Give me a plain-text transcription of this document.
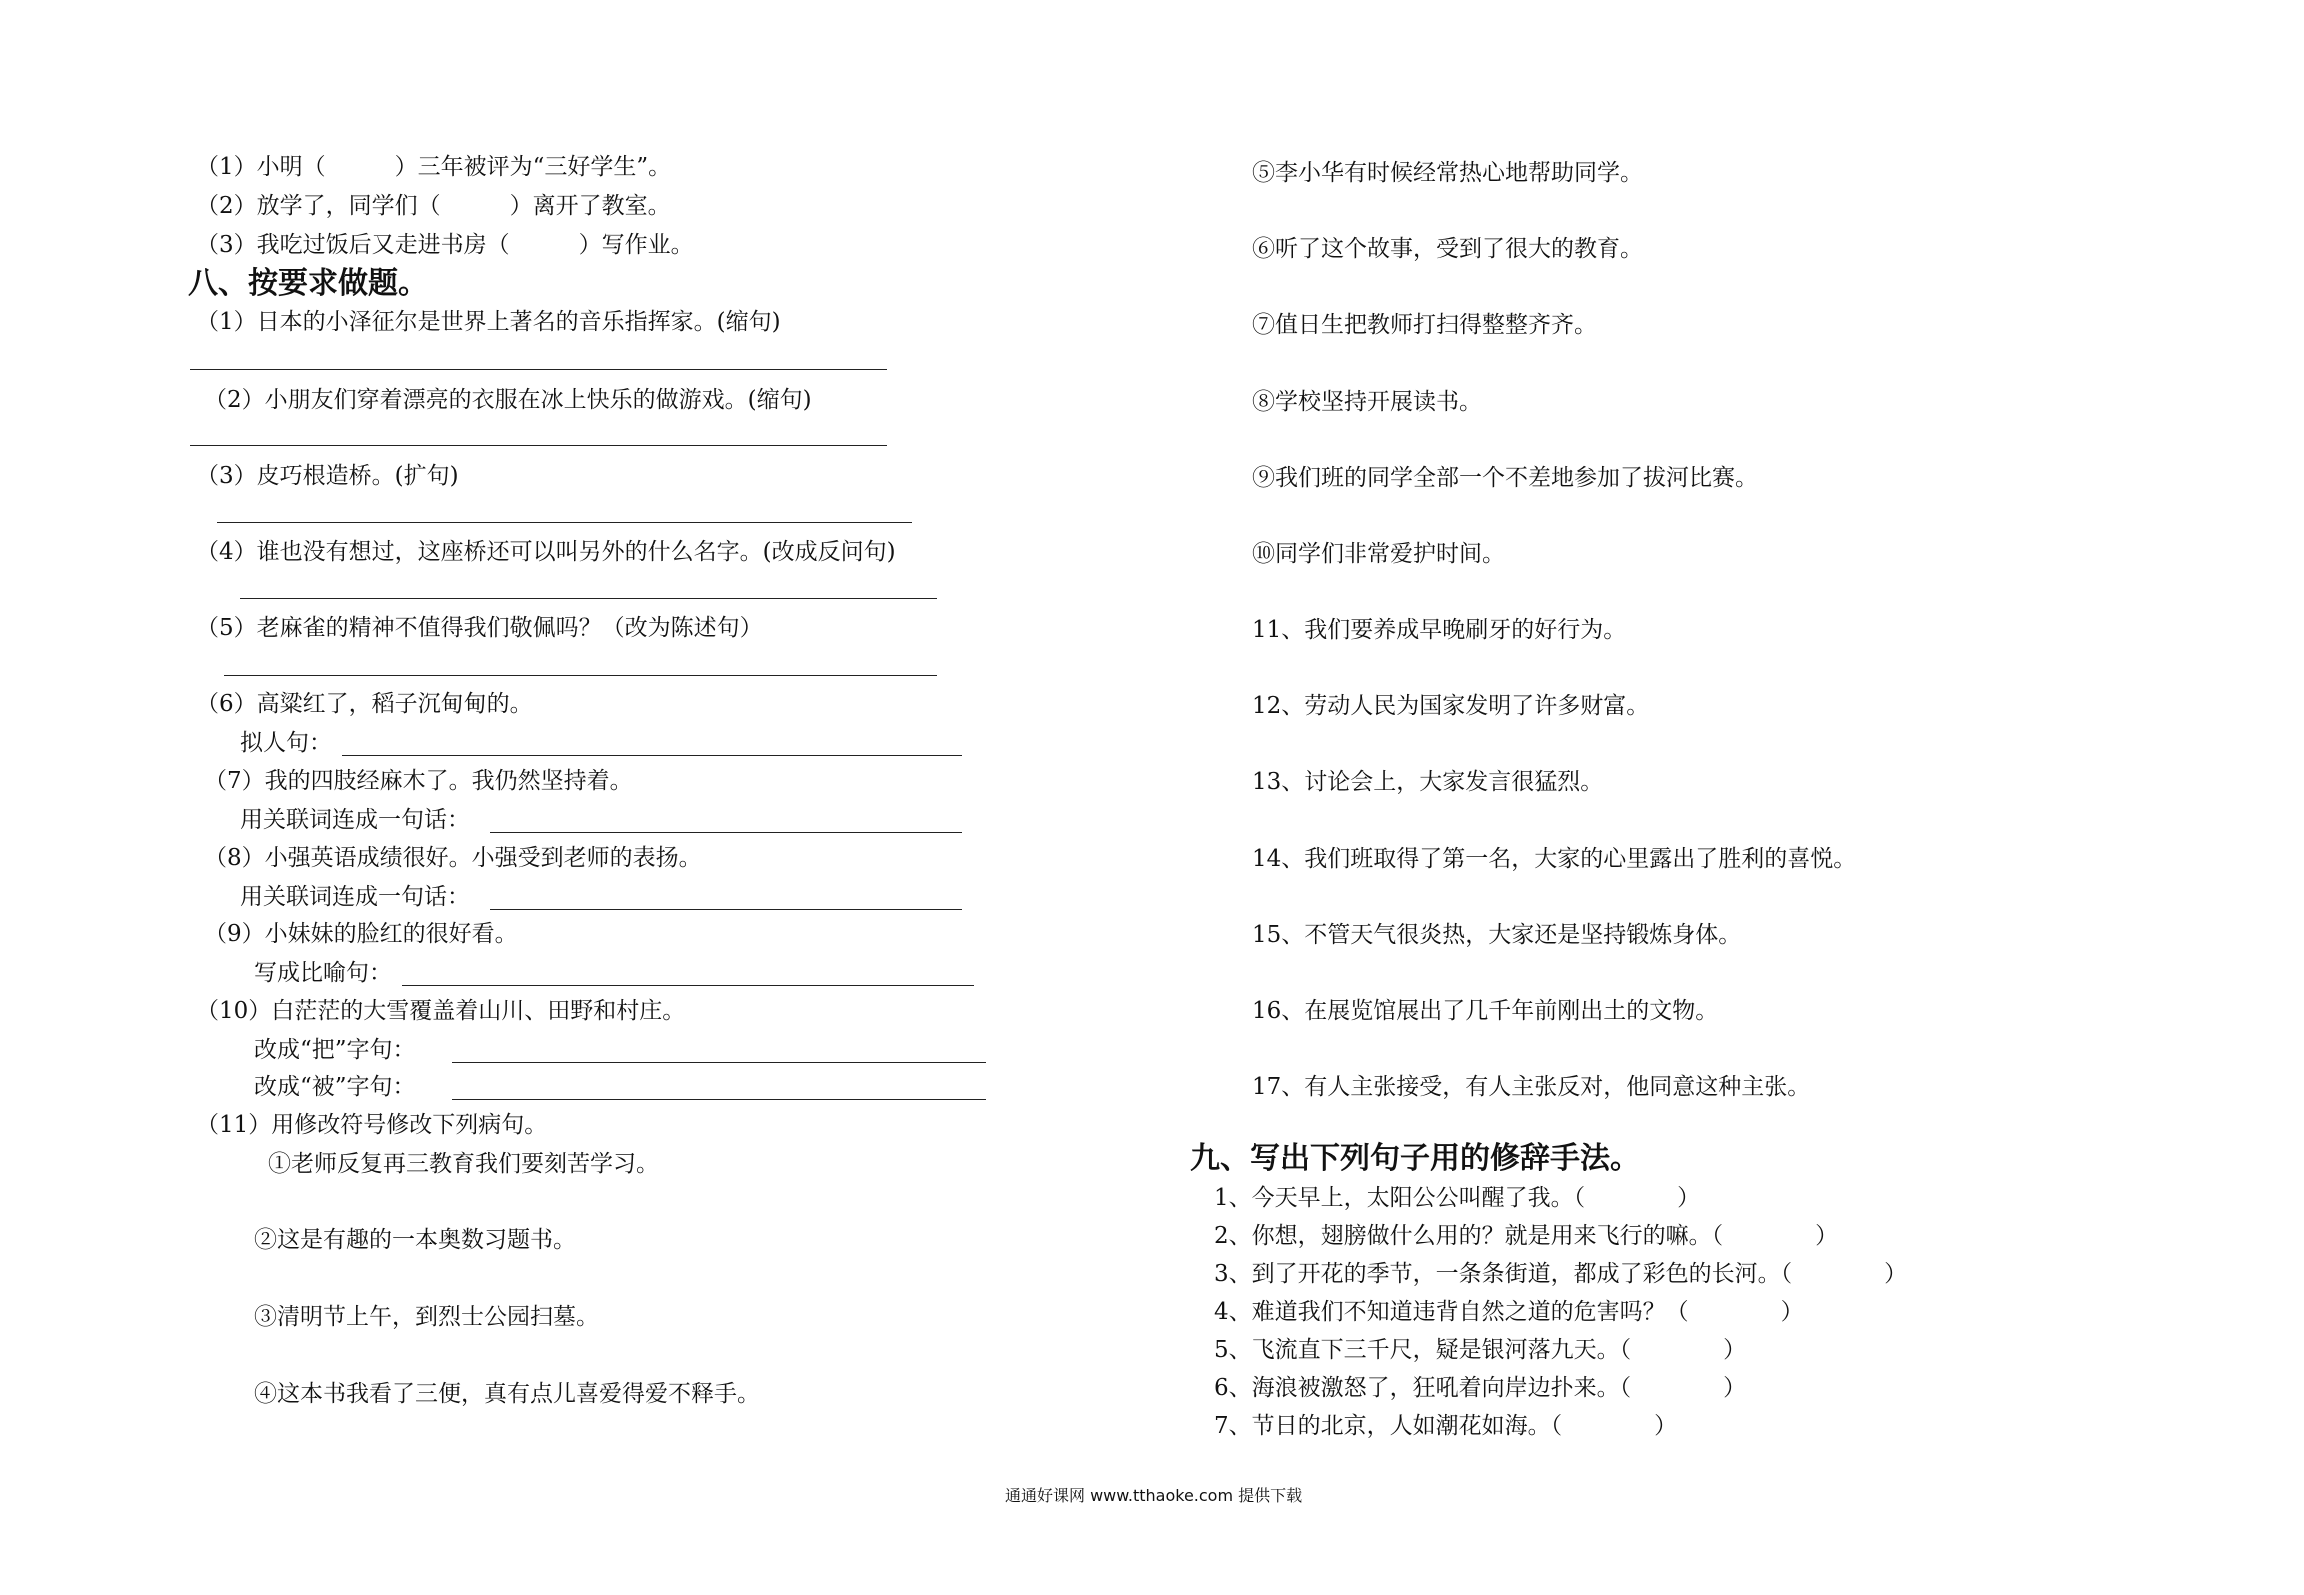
（1）小明（　　　）三年被评为“三好学生”。
（2）放学了，同学们（　　　）离开了教室。
（3）我吃过饭后又走进书房（　　　）写作业。
八、按要求做题。
（1）日本的小泽征尔是世界上著名的音乐指挥家。(缩句)
（2）小朋友们穿着漂亮的衣服在冰上快乐的做游戏。(缩句)
（3）皮巧根造桥。(扩句)
（4）谁也没有想过，这座桥还可以叫另外的什么名字。(改成反问句)
（5）老麻雀的精神不值得我们敬佩吗？（改为陈述句）
（6）高粱红了，稻子沉甸甸的。
拟人句：
（7）我的四肢经麻木了。我仍然坚持着。
用关联词连成一句话：
（8）小强英语成绩很好。小强受到老师的表扬。
用关联词连成一句话：
（9）小妹妹的脸红的很好看。
写成比喻句：
（10）白茫茫的大雪覆盖着山川、田野和村庄。
改成“把”字句：
改成“被”字句：
（11）用修改符号修改下列病句。
①老师反复再三教育我们要刻苦学习。
②这是有趣的一本奥数习题书。
③清明节上午，到烈士公园扫墓。
④这本书我看了三便，真有点儿喜爱得爱不释手。
⑤李小华有时候经常热心地帮助同学。
⑥听了这个故事，受到了很大的教育。
⑦值日生把教师打扫得整整齐齐。
⑧学校坚持开展读书。
⑨我们班的同学全部一个不差地参加了拔河比赛。
⑩同学们非常爱护时间。
11、我们要养成早晚刷牙的好行为。
12、劳动人民为国家发明了许多财富。
13、讨论会上，大家发言很猛烈。
14、我们班取得了第一名，大家的心里露出了胜利的喜悦。
15、不管天气很炎热，大家还是坚持锻炼身体。
16、在展览馆展出了几千年前刚出土的文物。
17、有人主张接受，有人主张反对，他同意这种主张。
九、写出下列句子用的修辞手法。
1、今天早上，太阳公公叫醒了我。（　　　　）
2、你想，翅膀做什么用的？就是用来飞行的嘛。（　　　　）
3、到了开花的季节，一条条街道，都成了彩色的长河。（　　　　）
4、难道我们不知道违背自然之道的危害吗？（　　　　）
5、飞流直下三千尺，疑是银河落九天。（　　　　）
6、海浪被激怒了，狂吼着向岸边扑来。（　　　　）
7、节日的北京，人如潮花如海。（　　　　）
通通好课网 www.tthaoke.com 提供下载
